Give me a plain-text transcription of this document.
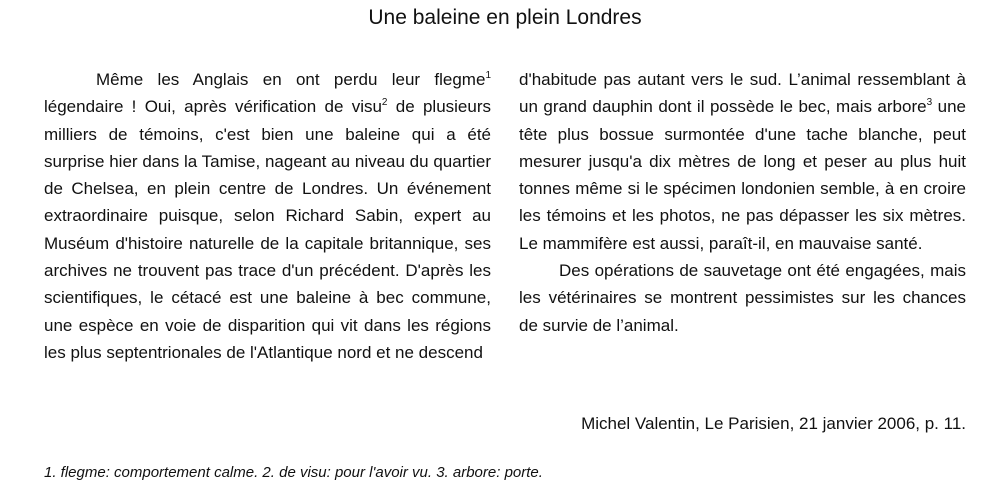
Une baleine en plein Londres

Même les Anglais en ont perdu leur flegme$^1$ légendaire ! Oui, après vérification de visu$^2$ de plusieurs milliers de témoins, c'est bien une baleine qui a été surprise hier dans la Tamise, nageant au niveau du quartier de Chelsea, en plein centre de Londres. Un événement extraordinaire puisque, selon Richard Sabin, expert au Muséum d'histoire naturelle de la capitale britannique, ses archives ne trouvent pas trace d'un précédent. D'après les scientifiques, le cétacé est une baleine à bec commune, une espèce en voie de disparition qui vit dans les régions les plus septentrionales de l'Atlantique nord et ne descend

d'habitude pas autant vers le sud. L’animal ressemblant à un grand dauphin dont il possède le bec, mais arbore$^3$ une tête plus bossue surmontée d'une tache blanche, peut mesurer jusqu'a dix mètres de long et peser au plus huit tonnes même si le spécimen londonien semble, à en croire les témoins et les photos, ne pas dépasser les six mètres. Le mammifère est aussi, paraît-il, en mauvaise santé.

Des opérations de sauvetage ont été engagées, mais les vétérinaires se montrent pessimistes sur les chances de survie de l’animal.

Michel Valentin, Le Parisien, 21 janvier 2006, p. 11.
1. flegme: comportement calme. 2. de visu: pour l'avoir vu. 3. arbore: porte.
